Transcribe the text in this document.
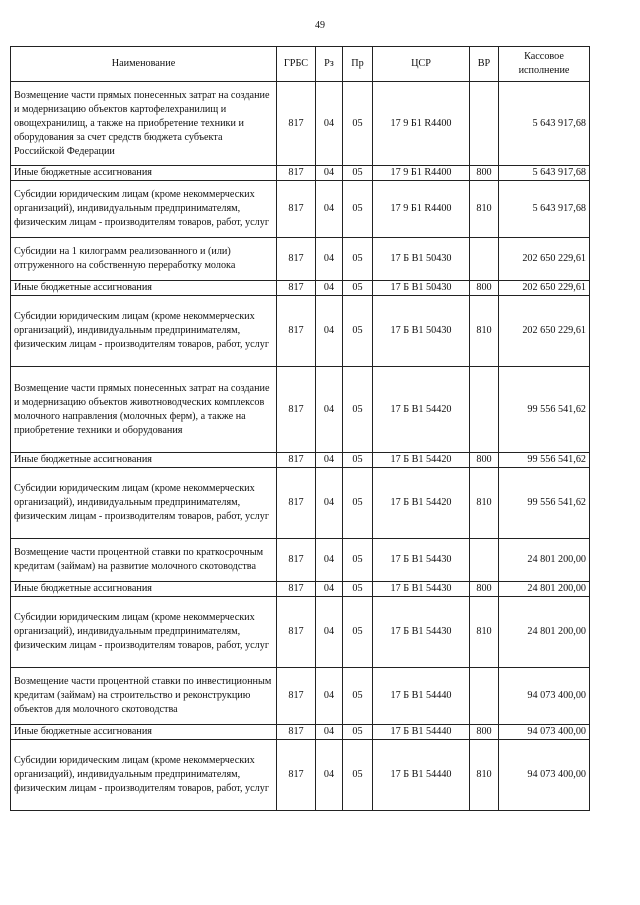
49
Наименование	ГРБС	Рз	Пр	ЦСР	ВР	Кассовое исполнение
Возмещение части прямых понесенных затрат на создание и модернизацию объектов картофелехранилищ и овощехранилищ, а также на приобретение техники и оборудования за счет средств бюджета субъекта Российской Федерации	817	04	05	17 9 Б1 R4400		5 643 917,68
Иные бюджетные ассигнования	817	04	05	17 9 Б1 R4400	800	5 643 917,68
Субсидии юридическим лицам (кроме некоммерческих организаций), индивидуальным предпринимателям, физическим лицам - производителям товаров, работ, услуг	817	04	05	17 9 Б1 R4400	810	5 643 917,68
Субсидии на 1 килограмм реализованного и (или) отгруженного на собственную переработку молока	817	04	05	17 Б В1 50430		202 650 229,61
Иные бюджетные ассигнования	817	04	05	17 Б В1 50430	800	202 650 229,61
Субсидии юридическим лицам (кроме некоммерческих организаций), индивидуальным предпринимателям, физическим лицам - производителям товаров, работ, услуг	817	04	05	17 Б В1 50430	810	202 650 229,61
Возмещение части прямых понесенных затрат на создание и модернизацию объектов животноводческих комплексов молочного направления (молочных ферм), а также на приобретение техники и оборудования	817	04	05	17 Б В1 54420		99 556 541,62
Иные бюджетные ассигнования	817	04	05	17 Б В1 54420	800	99 556 541,62
Субсидии юридическим лицам (кроме некоммерческих организаций), индивидуальным предпринимателям, физическим лицам - производителям товаров, работ, услуг	817	04	05	17 Б В1 54420	810	99 556 541,62
Возмещение части процентной ставки по краткосрочным кредитам (займам) на развитие молочного скотоводства	817	04	05	17 Б В1 54430		24 801 200,00
Иные бюджетные ассигнования	817	04	05	17 Б В1 54430	800	24 801 200,00
Субсидии юридическим лицам (кроме некоммерческих организаций), индивидуальным предпринимателям, физическим лицам - производителям товаров, работ, услуг	817	04	05	17 Б В1 54430	810	24 801 200,00
Возмещение части процентной ставки по инвестиционным кредитам (займам) на строительство и реконструкцию объектов для молочного скотоводства	817	04	05	17 Б В1 54440		94 073 400,00
Иные бюджетные ассигнования	817	04	05	17 Б В1 54440	800	94 073 400,00
Субсидии юридическим лицам (кроме некоммерческих организаций), индивидуальным предпринимателям, физическим лицам - производителям товаров, работ, услуг	817	04	05	17 Б В1 54440	810	94 073 400,00
